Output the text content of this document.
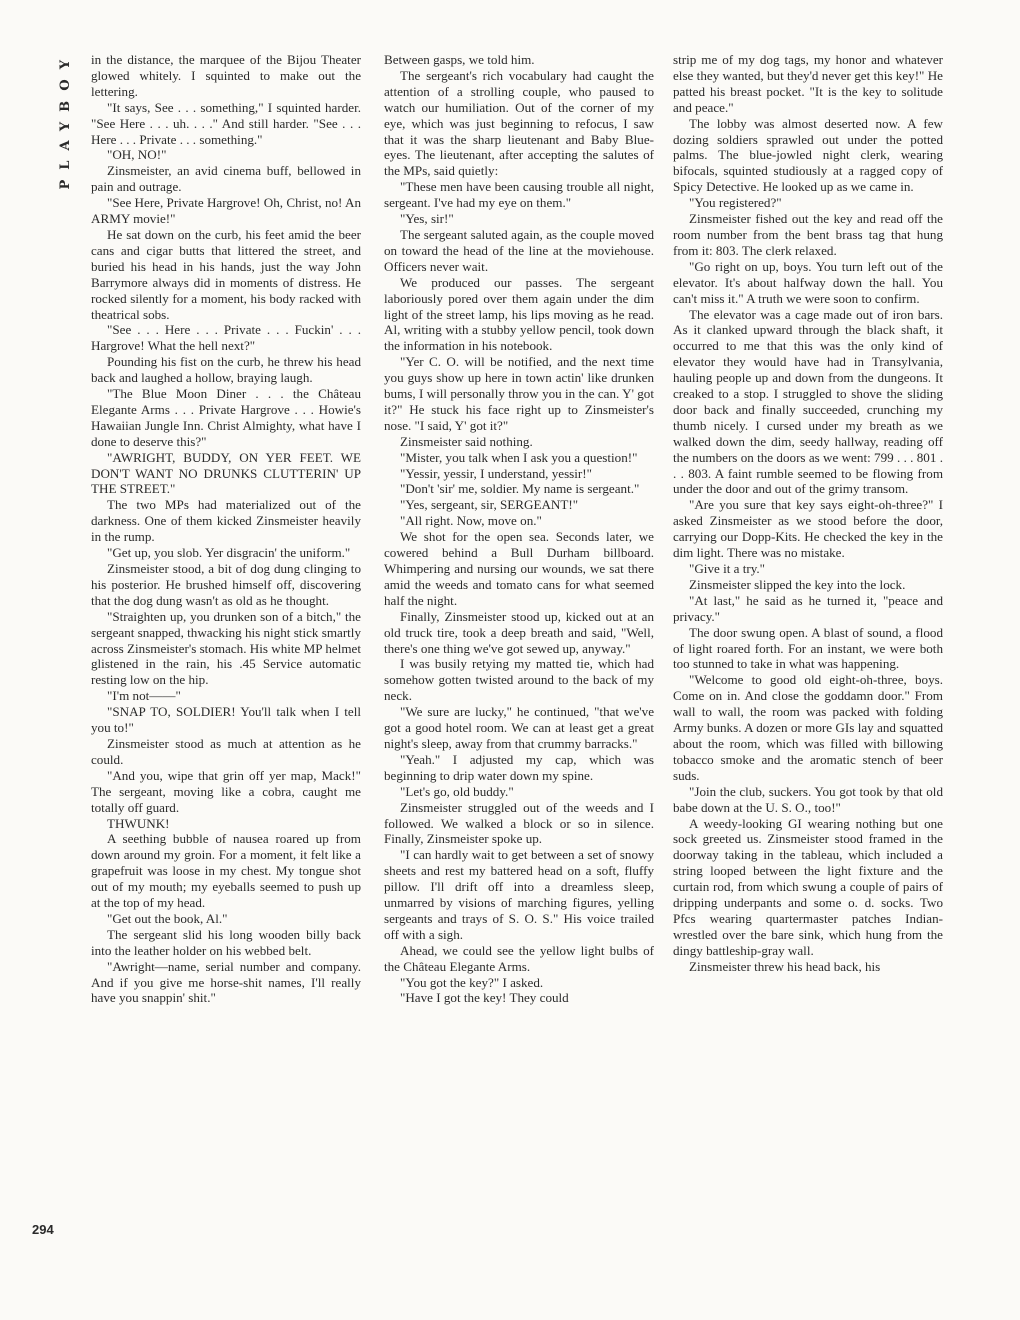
PLAYBOY
294

in the distance, the marquee of the Bijou Theater glowed whitely. I squinted to make out the lettering.

"It says, See . . . something," I squinted harder. "See Here . . . uh. . . ." And still harder. "See . . . Here . . . Private . . . something."

"OH, NO!"

Zinsmeister, an avid cinema buff, bellowed in pain and outrage.

"See Here, Private Hargrove! Oh, Christ, no! An ARMY movie!"

He sat down on the curb, his feet amid the beer cans and cigar butts that littered the street, and buried his head in his hands, just the way John Barrymore always did in moments of distress. He rocked silently for a moment, his body racked with theatrical sobs.

"See . . . Here . . . Private . . . Fuckin' . . . Hargrove! What the hell next?"

Pounding his fist on the curb, he threw his head back and laughed a hollow, braying laugh.

"The Blue Moon Diner . . . the Château Elegante Arms . . . Private Hargrove . . . Howie's Hawaiian Jungle Inn. Christ Almighty, what have I done to deserve this?"

"AWRIGHT, BUDDY, ON YER FEET. WE DON'T WANT NO DRUNKS CLUTTERIN' UP THE STREET."

The two MPs had materialized out of the darkness. One of them kicked Zinsmeister heavily in the rump.

"Get up, you slob. Yer disgracin' the uniform."

Zinsmeister stood, a bit of dog dung clinging to his posterior. He brushed himself off, discovering that the dog dung wasn't as old as he thought.

"Straighten up, you drunken son of a bitch," the sergeant snapped, thwacking his night stick smartly across Zinsmeister's stomach. His white MP helmet glistened in the rain, his .45 Service automatic resting low on the hip.

"I'm not——"

"SNAP TO, SOLDIER! You'll talk when I tell you to!"

Zinsmeister stood as much at attention as he could.

"And you, wipe that grin off yer map, Mack!" The sergeant, moving like a cobra, caught me totally off guard.

THWUNK!

A seething bubble of nausea roared up from down around my groin. For a moment, it felt like a grapefruit was loose in my chest. My tongue shot out of my mouth; my eyeballs seemed to push up at the top of my head.

"Get out the book, Al."

The sergeant slid his long wooden billy back into the leather holder on his webbed belt.

"Awright—name, serial number and company. And if you give me horse-shit names, I'll really have you snappin' shit."

Between gasps, we told him.

The sergeant's rich vocabulary had caught the attention of a strolling couple, who paused to watch our humiliation. Out of the corner of my eye, which was just beginning to refocus, I saw that it was the sharp lieutenant and Baby Blue-eyes. The lieutenant, after accepting the salutes of the MPs, said quietly:

"These men have been causing trouble all night, sergeant. I've had my eye on them."

"Yes, sir!"

The sergeant saluted again, as the couple moved on toward the head of the line at the moviehouse. Officers never wait.

We produced our passes. The sergeant laboriously pored over them again under the dim light of the street lamp, his lips moving as he read. Al, writing with a stubby yellow pencil, took down the information in his notebook.

"Yer C. O. will be notified, and the next time you guys show up here in town actin' like drunken bums, I will personally throw you in the can. Y' got it?" He stuck his face right up to Zinsmeister's nose. "I said, Y' got it?"

Zinsmeister said nothing.

"Mister, you talk when I ask you a question!"

"Yessir, yessir, I understand, yessir!"

"Don't 'sir' me, soldier. My name is sergeant."

"Yes, sergeant, sir, SERGEANT!"

"All right. Now, move on."

We shot for the open sea. Seconds later, we cowered behind a Bull Durham billboard. Whimpering and nursing our wounds, we sat there amid the weeds and tomato cans for what seemed half the night.

Finally, Zinsmeister stood up, kicked out at an old truck tire, took a deep breath and said, "Well, there's one thing we've got sewed up, anyway."

I was busily retying my matted tie, which had somehow gotten twisted around to the back of my neck.

"We sure are lucky," he continued, "that we've got a good hotel room. We can at least get a great night's sleep, away from that crummy barracks."

"Yeah." I adjusted my cap, which was beginning to drip water down my spine.

"Let's go, old buddy."

Zinsmeister struggled out of the weeds and I followed. We walked a block or so in silence. Finally, Zinsmeister spoke up.

"I can hardly wait to get between a set of snowy sheets and rest my battered head on a soft, fluffy pillow. I'll drift off into a dreamless sleep, unmarred by visions of marching figures, yelling sergeants and trays of S. O. S." His voice trailed off with a sigh.

Ahead, we could see the yellow light bulbs of the Château Elegante Arms.

"You got the key?" I asked.

"Have I got the key! They could

strip me of my dog tags, my honor and whatever else they wanted, but they'd never get this key!" He patted his breast pocket. "It is the key to solitude and peace."

The lobby was almost deserted now. A few dozing soldiers sprawled out under the potted palms. The blue-jowled night clerk, wearing bifocals, squinted studiously at a ragged copy of Spicy Detective. He looked up as we came in.

"You registered?"

Zinsmeister fished out the key and read off the room number from the bent brass tag that hung from it: 803. The clerk relaxed.

"Go right on up, boys. You turn left out of the elevator. It's about halfway down the hall. You can't miss it." A truth we were soon to confirm.

The elevator was a cage made out of iron bars. As it clanked upward through the black shaft, it occurred to me that this was the only kind of elevator they would have had in Transylvania, hauling people up and down from the dungeons. It creaked to a stop. I struggled to shove the sliding door back and finally succeeded, crunching my thumb nicely. I cursed under my breath as we walked down the dim, seedy hallway, reading off the numbers on the doors as we went: 799 . . . 801 . . . 803. A faint rumble seemed to be flowing from under the door and out of the grimy transom.

"Are you sure that key says eight-oh-three?" I asked Zinsmeister as we stood before the door, carrying our Dopp-Kits. He checked the key in the dim light. There was no mistake.

"Give it a try."

Zinsmeister slipped the key into the lock.

"At last," he said as he turned it, "peace and privacy."

The door swung open. A blast of sound, a flood of light roared forth. For an instant, we were both too stunned to take in what was happening.

"Welcome to good old eight-oh-three, boys. Come on in. And close the goddamn door." From wall to wall, the room was packed with folding Army bunks. A dozen or more GIs lay and squatted about the room, which was filled with billowing tobacco smoke and the aromatic stench of beer suds.

"Join the club, suckers. You got took by that old babe down at the U. S. O., too!"

A weedy-looking GI wearing nothing but one sock greeted us. Zinsmeister stood framed in the doorway taking in the tableau, which included a string looped between the light fixture and the curtain rod, from which swung a couple of pairs of dripping underpants and some o. d. socks. Two Pfcs wearing quartermaster patches Indian-wrestled over the bare sink, which hung from the dingy battleship-gray wall.

Zinsmeister threw his head back, his
